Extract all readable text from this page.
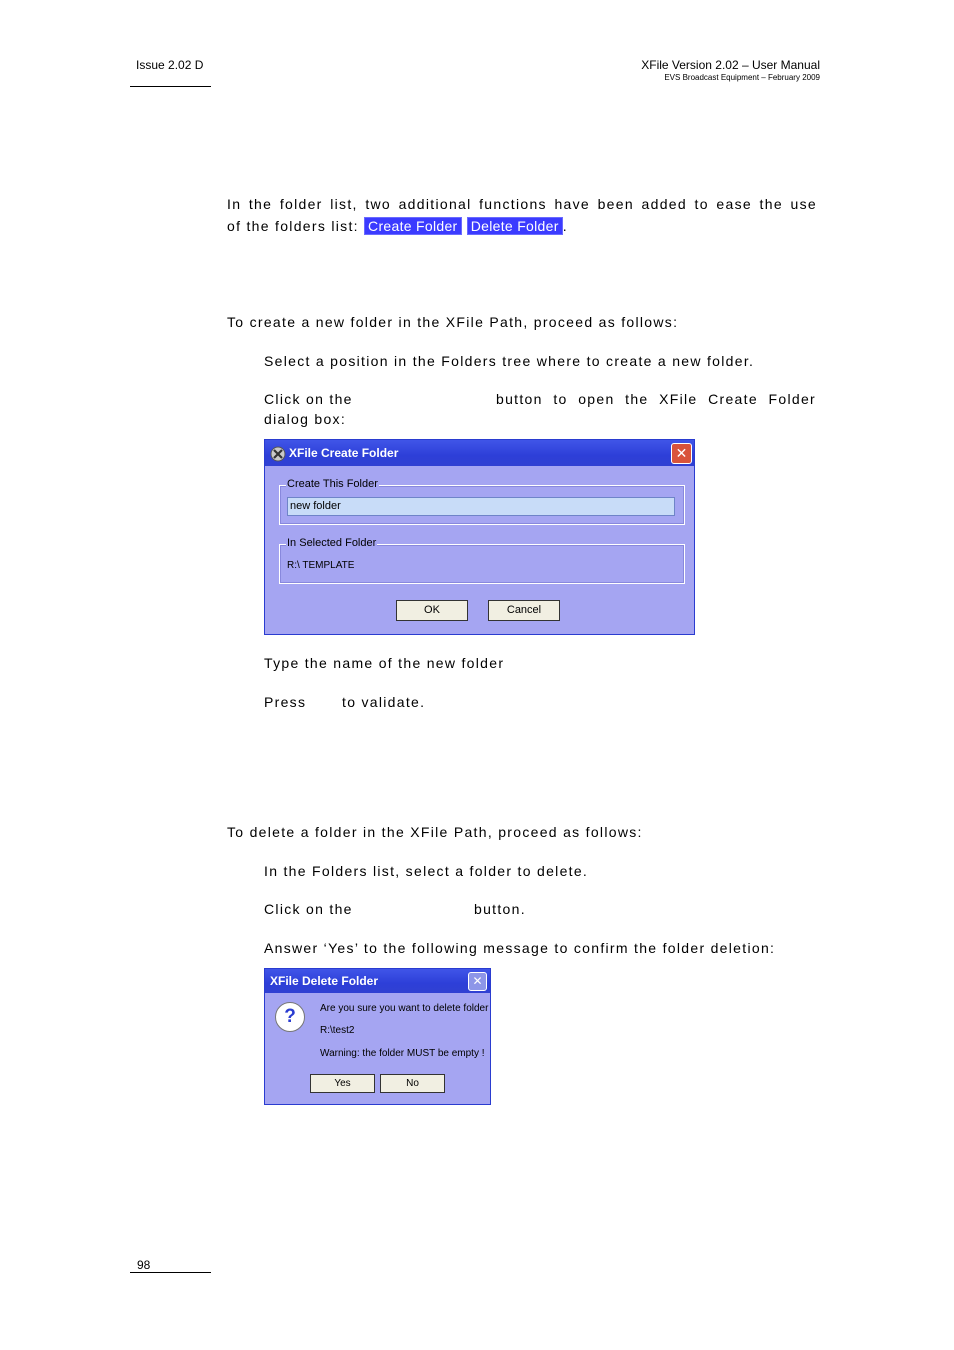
Issue 2.02 D	XFile Version 2.02 – User Manual
EVS Broadcast Equipment – February 2009
In the folder list, two additional functions have been added to ease the use
of the folders list: Create Folder Delete Folder .
To create a new folder in the XFile Path, proceed as follows:
Select a position in the Folders tree where to create a new folder.
Click on the	button to open the XFile Create Folder
dialog box:
XFile Create Folder	✕
Create This Folder
new folder
In Selected Folder
R:\ TEMPLATE
OK	Cancel
Type the name of the new folder
Press	to validate.
To delete a folder in the XFile Path, proceed as follows:
In the Folders list, select a folder to delete.
Click on the	button.
Answer ‘Yes’ to the following message to confirm the folder deletion:
XFile Delete Folder	✕
?	Are you sure you want to delete folder
R:\test2
Warning: the folder MUST be empty !
Yes	No
98
